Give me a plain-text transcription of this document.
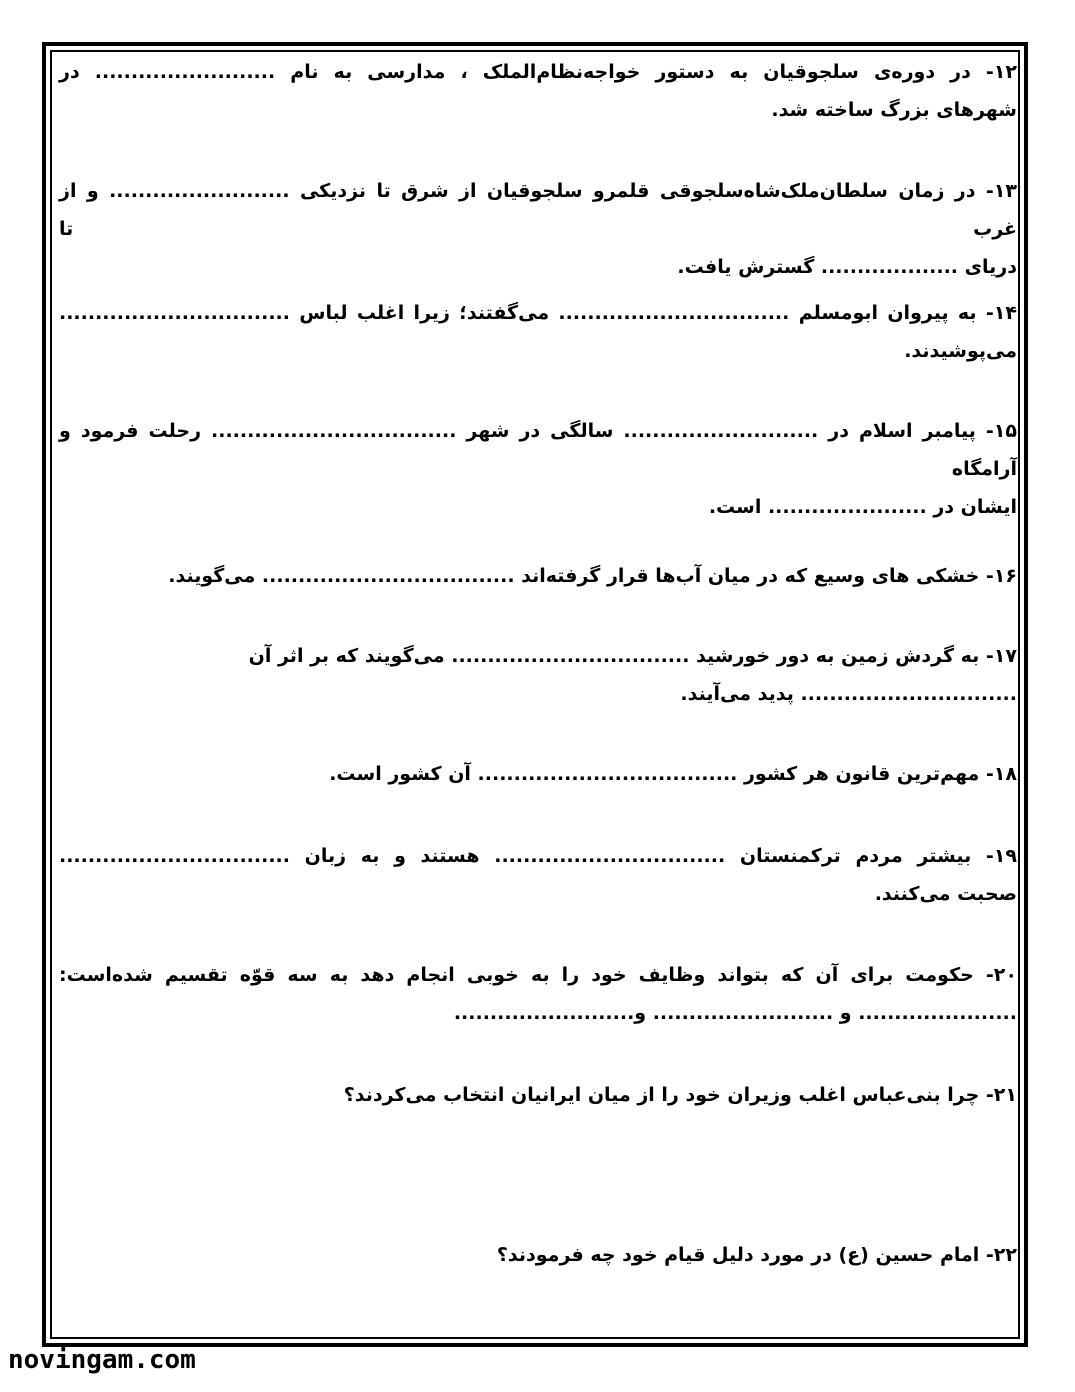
۱۲- در دوره‌ی سلجوقیان به دستور خواجه‌نظام‌الملک ، مدارسی به نام ......................... در
شهرهای بزرگ ساخته شد.
۱۳- در زمان سلطان‌ملک‌شاه‌سلجوقی قلمرو سلجوقیان از شرق تا نزدیکی ......................... و از غرب تا
دریای ................... گسترش یافت.
۱۴- به پیروان ابومسلم ................................ می‌گفتند؛ زیرا اغلب لباس ................................
می‌پوشیدند.
۱۵- پیامبر اسلام در ........................... سالگی در شهر .................................. رحلت فرمود و آرامگاه
ایشان در ...................... است.
۱۶- خشکی های وسیع که در میان آب‌ها قرار گرفته‌اند ................................... می‌گویند.
۱۷- به گردش زمین به دور خورشید ................................. می‌گویند که بر اثر آن
.............................. پدید می‌آیند.
۱۸- مهم‌ترین قانون هر کشور .................................... آن کشور است.
۱۹- بیشتر مردم ترکمنستان ................................ هستند و به زبان ................................
صحبت می‌کنند.
۲۰- حکومت برای آن که بتواند وظایف خود را به خوبی انجام دهد به سه قوّه تقسیم شده‌است:
...................... و ......................... و.........................
۲۱- چرا بنی‌عباس اغلب وزیران خود را از میان ایرانیان انتخاب می‌کردند؟
۲۲- امام حسین (ع) در مورد دلیل قیام خود چه فرمودند؟
novingam.com
